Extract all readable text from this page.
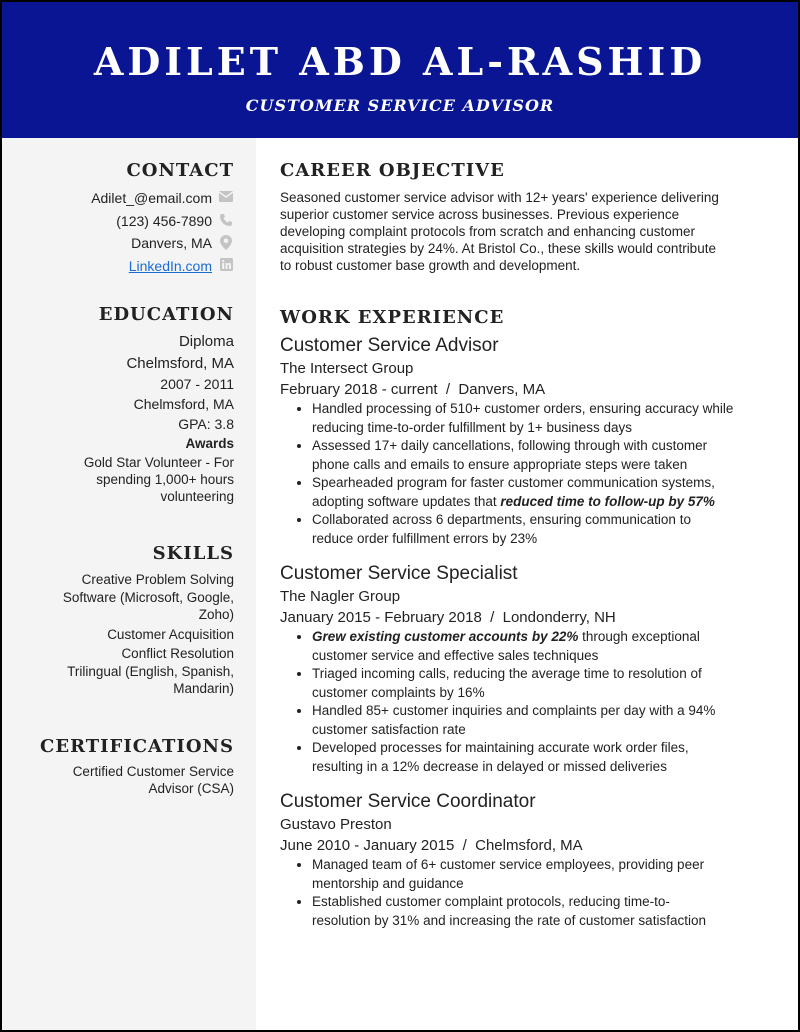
ADILET ABD AL-RASHID
CUSTOMER SERVICE ADVISOR
CONTACT
Adilet_@email.com
(123) 456-7890
Danvers, MA
LinkedIn.com
EDUCATION
Diploma
Chelmsford, MA
2007 - 2011
Chelmsford, MA
GPA: 3.8
Awards
Gold Star Volunteer - For
spending 1,000+ hours
volunteering
SKILLS
Creative Problem Solving
Software (Microsoft, Google,
Zoho)
Customer Acquisition
Conflict Resolution
Trilingual (English, Spanish,
Mandarin)
CERTIFICATIONS
Certified Customer Service
Advisor (CSA)
CAREER OBJECTIVE
Seasoned customer service advisor with 12+ years' experience delivering
superior customer service across businesses. Previous experience
developing complaint protocols from scratch and enhancing customer
acquisition strategies by 24%. At Bristol Co., these skills would contribute
to robust customer base growth and development.
WORK EXPERIENCE
Customer Service Advisor
The Intersect Group
February 2018 - current  /  Danvers, MA
• Handled processing of 510+ customer orders, ensuring accuracy while
reducing time-to-order fulfillment by 1+ business days
• Assessed 17+ daily cancellations, following through with customer
phone calls and emails to ensure appropriate steps were taken
• Spearheaded program for faster customer communication systems,
adopting software updates that reduced time to follow-up by 57%
• Collaborated across 6 departments, ensuring communication to
reduce order fulfillment errors by 23%
Customer Service Specialist
The Nagler Group
January 2015 - February 2018  /  Londonderry, NH
• Grew existing customer accounts by 22% through exceptional
customer service and effective sales techniques
• Triaged incoming calls, reducing the average time to resolution of
customer complaints by 16%
• Handled 85+ customer inquiries and complaints per day with a 94%
customer satisfaction rate
• Developed processes for maintaining accurate work order files,
resulting in a 12% decrease in delayed or missed deliveries
Customer Service Coordinator
Gustavo Preston
June 2010 - January 2015  /  Chelmsford, MA
• Managed team of 6+ customer service employees, providing peer
mentorship and guidance
• Established customer complaint protocols, reducing time-to-
resolution by 31% and increasing the rate of customer satisfaction
